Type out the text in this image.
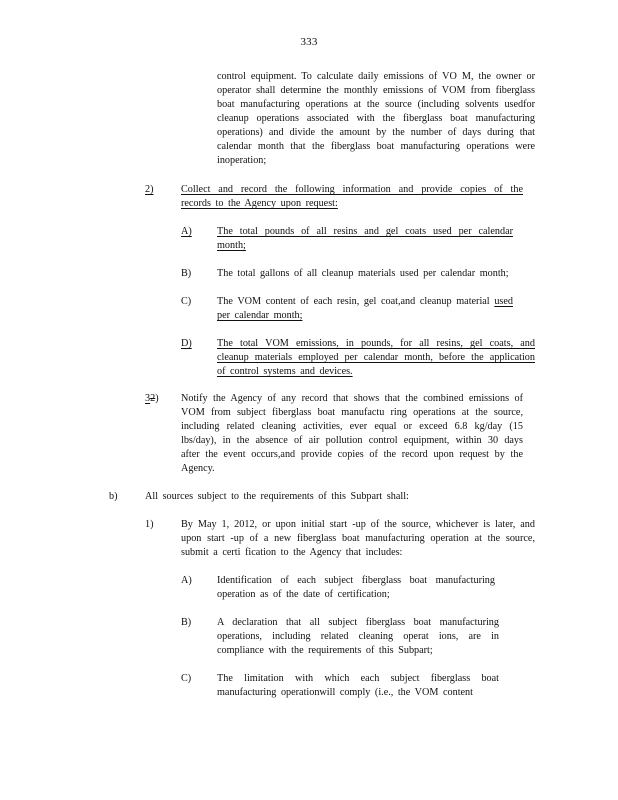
333
control equipment. To calculate daily emissions of VO M, the owner or operator shall determine the monthly emissions of VOM from fiberglass boat manufacturing operations at the source (including solvents usedfor cleanup operations associated with the fiberglass boat manufacturing operations) and divide the amount by the number of days during that calendar month that the fiberglass boat manufacturing operations were inoperation;
2)	Collect and record the following information and provide copies of the records to the Agency upon request:
A) The total pounds of all resins and gel coats used per calendar month;
B)	The total gallons of all cleanup materials used per calendar month;
C)	The VOM content of each resin, gel coat,and cleanup material used per calendar month;
D) The total VOM emissions, in pounds, for all resins, gel coats, and cleanup materials employed per calendar month, before the application of control systems and devices.
32) Notify the Agency of any record that shows that the combined emissions of VOM from subject fiberglass boat manufactu ring operations at the source, including related cleaning activities, ever equal or exceed 6.8 kg/day (15 lbs/day), in the absence of air pollution control equipment, within 30 days after the event occurs,and provide copies of the record upon request by the Agency.
b)	All sources subject to the requirements of this Subpart shall:
1)	By May 1, 2012, or upon initial start -up of the source, whichever is later, and upon start -up of a new fiberglass boat manufacturing operation at the source, submit a certi fication to the Agency that includes:
A) Identification of each subject fiberglass boat manufacturing operation as of the date of certification;
B)	A declaration that all subject fiberglass boat manufacturing operations, including related cleaning operat ions, are in compliance with the requirements of this Subpart;
C)	The limitation with which each subject fiberglass boat manufacturing operationwill comply (i.e., the VOM content
